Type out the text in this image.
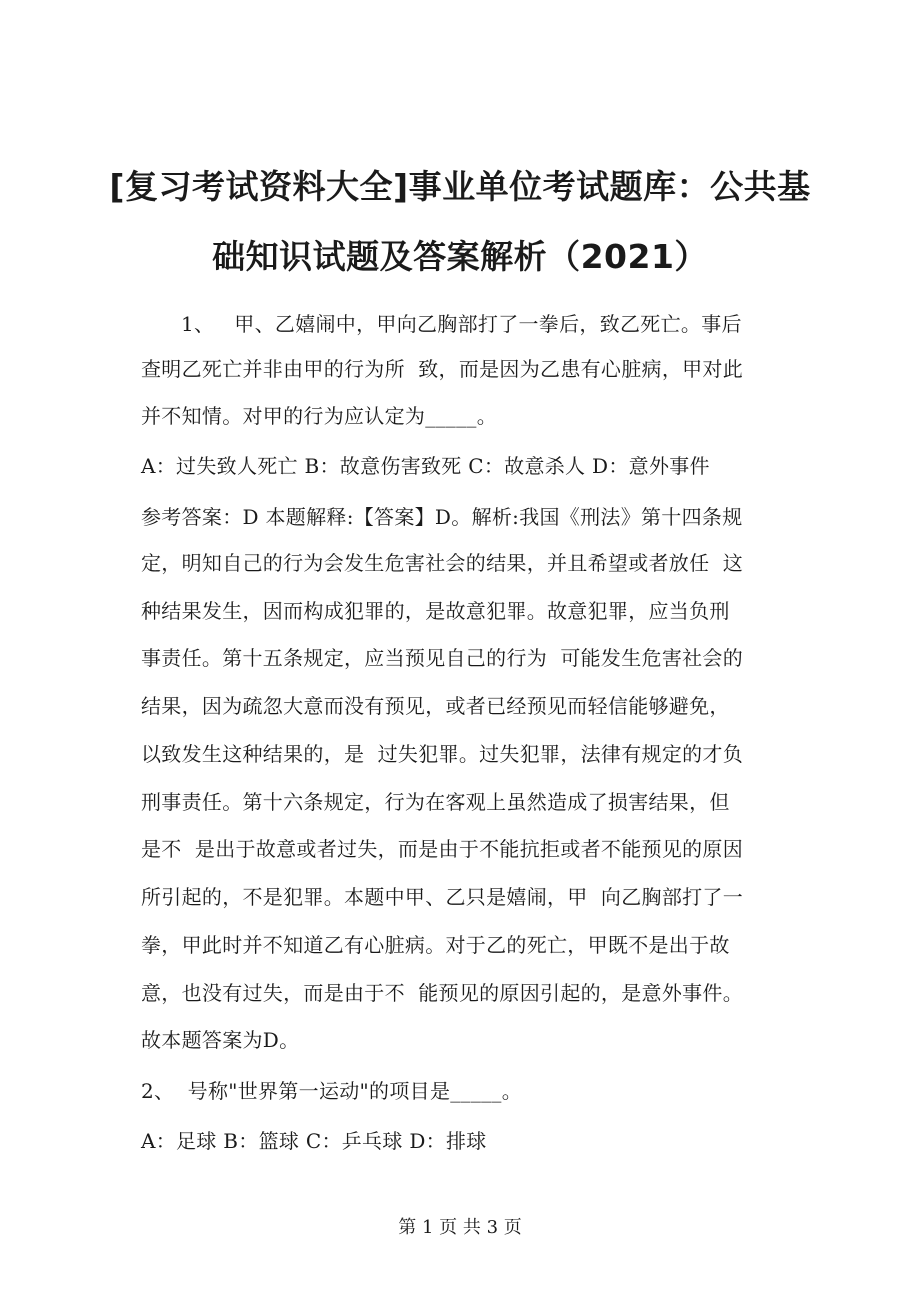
[复习考试资料大全]事业单位考试题库：公共基
础知识试题及答案解析（2021）
1、   甲、乙嬉闹中，甲向乙胸部打了一拳后，致乙死亡。事后
查明乙死亡并非由甲的行为所  致，而是因为乙患有心脏病，甲对此
并不知情。对甲的行为应认定为_____。
A：过失致人死亡 B：故意伤害致死 C：故意杀人 D：意外事件
参考答案：D 本题解释:【答案】D。解析:我国《刑法》第十四条规
定，明知自己的行为会发生危害社会的结果，并且希望或者放任  这
种结果发生，因而构成犯罪的，是故意犯罪。故意犯罪，应当负刑
事责任。第十五条规定，应当预见自己的行为  可能发生危害社会的
结果，因为疏忽大意而没有预见，或者已经预见而轻信能够避免，
以致发生这种结果的，是  过失犯罪。过失犯罪，法律有规定的才负
刑事责任。第十六条规定，行为在客观上虽然造成了损害结果，但
是不  是出于故意或者过失，而是由于不能抗拒或者不能预见的原因
所引起的，不是犯罪。本题中甲、乙只是嬉闹，甲  向乙胸部打了一
拳，甲此时并不知道乙有心脏病。对于乙的死亡，甲既不是出于故
意，也没有过失，而是由于不  能预见的原因引起的，是意外事件。
故本题答案为D。
2、  号称"世界第一运动"的项目是_____。
A：足球 B：篮球 C：乒乓球 D：排球
第 1 页 共 3 页
